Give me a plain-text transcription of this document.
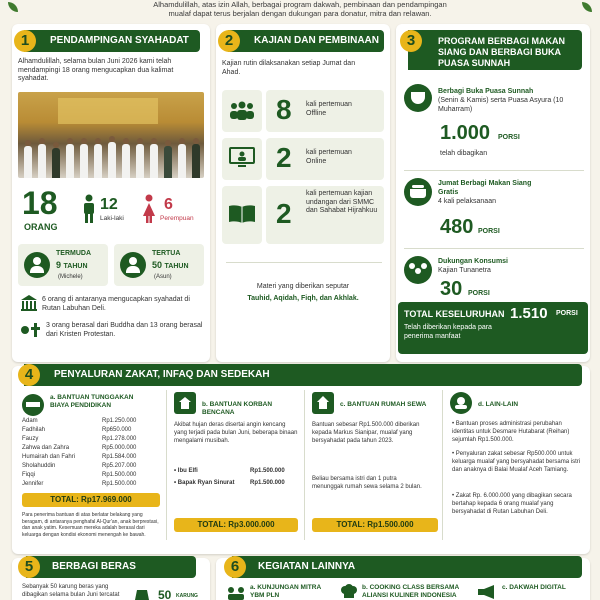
Alhamdulillah, atas izin Allah, berbagai program dakwah, pembinaan dan pendampingan
mualaf dapat terus berjalan dengan dukungan para donatur, mitra dan relawan.
PENDAMPINGAN SYAHADAT
1
Alhamdulillah, selama bulan Juni 2026 kami telah mendampingi 18 orang mengucapkan dua kalimat syahadat.
18
ORANG
12
Laki-laki
6
Perempuan
TERMUDA
9 TAHUN
(Michele)
TERTUA
50 TAHUN
(Asun)
6 orang di antaranya mengucapkan syahadat di Rutan Labuhan Deli.
3 orang berasal dari Buddha dan 13 orang berasal dari Kristen Protestan.
KAJIAN DAN PEMBINAAN
2
Kajian rutin dilaksanakan setiap Jumat dan Ahad.
8 kali pertemuan Offline
2 kali pertemuan Online
2
kali pertemuan kajian undangan dari SMMC dan Sahabat Hijrahkuu
Materi yang diberikan seputar
Tauhid, Aqidah, Fiqh, dan Akhlak.
PROGRAM BERBAGI MAKAN SIANG DAN BERBAGI BUKA PUASA SUNNAH
3
Berbagi Buka Puasa Sunnah
(Senin & Kamis) serta Puasa Asyura (10 Muharram)
1.000 PORSI
telah dibagikan
Jumat Berbagi Makan Siang Gratis
4 kali pelaksanaan
480 PORSI
Dukungan Konsumsi
Kajian Tunanetra
30 PORSI
TOTAL KESELURUHAN 1.510 PORSI
Telah diberikan kepada para penerima manfaat
PENYALURAN ZAKAT, INFAQ DAN SEDEKAH
4
a. BANTUAN TUNGGAKAN BIAYA PENDIDIKAN
Adam	Rp1.250.000
Fadhilah	Rp650.000
Fauzy	Rp1.278.000
Zahwa dan Zahra	Rp5.000.000
Humairah dan Fahri	Rp1.584.000
Sholahuddin	Rp5.207.000
Fiqqi	Rp1.500.000
Jennifer	Rp1.500.000
TOTAL: Rp17.969.000
Para penerima bantuan di atas berlatar belakang yang beragam, di antaranya penghafal Al-Qur'an, anak berprestasi, dan anak yatim. Kesemuan mereka adalah berasal dari keluarga dengan kondisi ekonomi menengah ke bawah.
b. BANTUAN KORBAN BENCANA
Akibat hujan deras disertai angin kencang yang terjadi pada bulan Juni, beberapa binaan mengalami musibah.
• Ibu Elfi	Rp1.500.000
• Bapak Ryan Sinurat	Rp1.500.000
TOTAL: Rp3.000.000
c. BANTUAN RUMAH SEWA
Bantuan sebesar Rp1.500.000 diberikan kepada Markus Sianipar, mualaf yang bersyahadat pada tahun 2023.
Beliau bersama istri dan 1 putra menunggak rumah sewa selama 2 bulan.
TOTAL: Rp1.500.000
d. LAIN-LAIN
• Bantuan proses administrasi perubahan identitas untuk Desmare Hutabarat (Reihan) sejumlah Rp1.500.000.
• Penyaluran zakat sebesar Rp500.000 untuk keluarga mualaf yang bersyahadat bersama istri dan anaknya di Balai Mualaf Aceh Tamiang.
• Zakat Rp. 6.000.000 yang dibagikan secara bertahap kepada 6 orang mualaf yang bersyahadat di Rutan Labuhan Deli.
BERBAGI BERAS
5
Sebanyak 50 karung beras yang dibagikan selama bulan Juni tercatat	50 KARUNG
KEGIATAN LAINNYA
6
a. KUNJUNGAN MITRA YBM PLN
b. COOKING CLASS BERSAMA ALIANSI KULINER INDONESIA
c. DAKWAH DIGITAL
